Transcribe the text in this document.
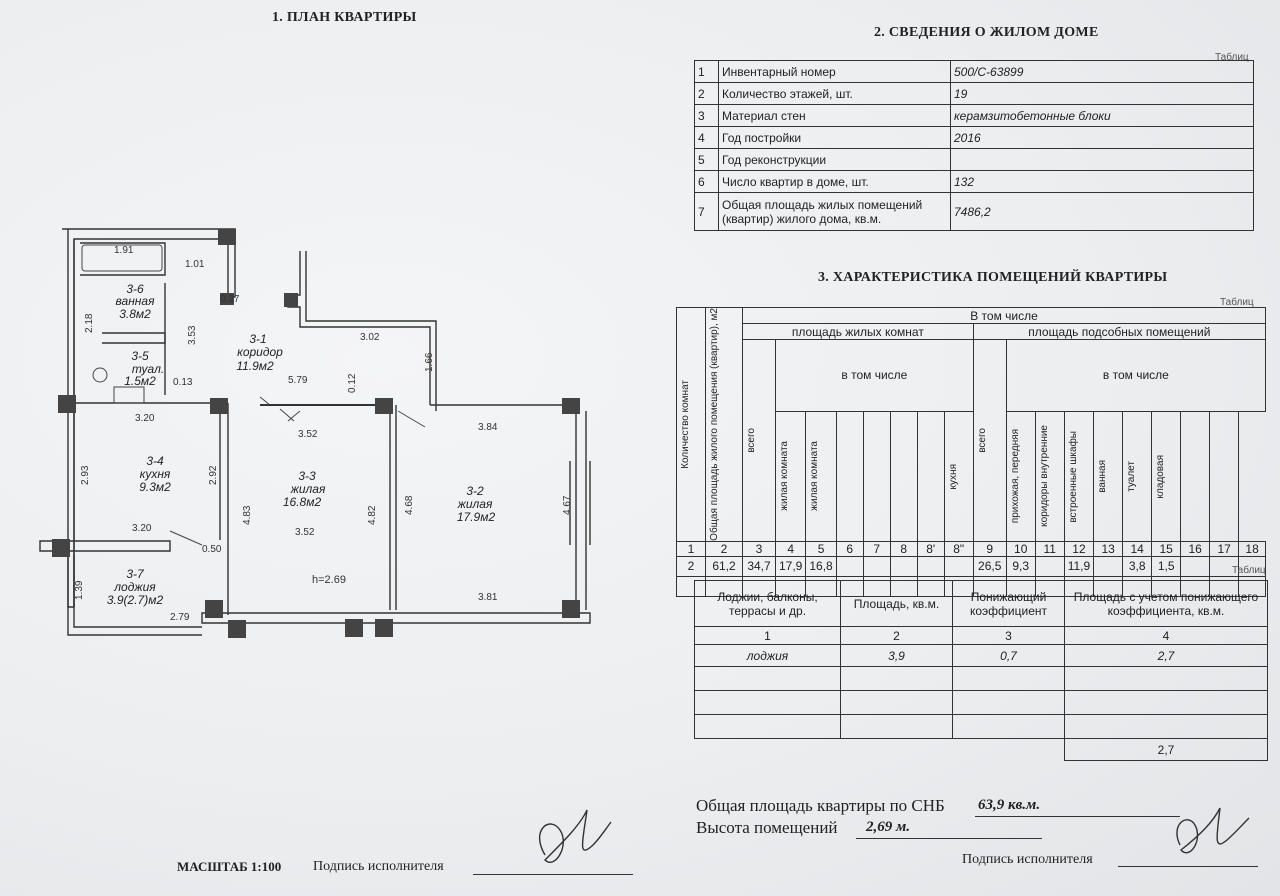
1. ПЛАН КВАРТИРЫ
3-6
ванная
3.8м2
3-5
туал.
1.5м2
3-1
коридор
11.9м2
3-4
кухня
9.3м2
3-3
жилая
16.8м2
3-2
жилая
17.9м2
3-7
лоджия
3.9(2.7)м2
1.91
1.01
0.27
2.18
3.53
0.13
3.02
1.66
5.79	0.12
3.20
3.52
3.84
2.93	2.92
4.83	4.82
4.68	4.67
3.52
3.20
0.50
1.39
2.79
3.81
h=2.69
МАСШТАБ 1:100 Подпись исполнителя
2. СВЕДЕНИЯ О ЖИЛОМ ДОМЕ
Таблиц
1	Инвентарный номер	500/С-63899
2	Количество этажей, шт.	19
3	Материал стен	керамзитобетонные блоки
4	Год постройки	2016
5	Год реконструкции	
6	Число квартир в доме, шт.	132
7	Общая площадь жилых помещений (квартир) жилого дома, кв.м.	7486,2
3. ХАРАКТЕРИСТИКА ПОМЕЩЕНИЙ КВАРТИРЫ
Таблиц
Количество комнат	Общая площадь жилого помещения (квартир), м2	В том числе																	
		площадь жилых комнат								площадь подсобных помещений									

		всего	в том числе							всего	в том числе								

			жилая комната	жилая комната					кухня		прихожая, передняя	коридоры внутренние	встроенные шкафы	ванная	туалет	кладовая			

1	2	3	4	5	6	7	8	8'	8"	9	10	11	12	13	14	15	16	17	18
2	61,2	34,7	17,9	16,8						26,5	9,3		11,9		3,8	1,5			
																				Таблиц
Лоджии, балконы, террасы и др.	Площадь, кв.м.	Понижающий коэффициент	Площадь с учетом понижающего коэффициента, кв.м.
1	2	3	4
лоджия	3,9	0,7	2,7

			2,7
Общая площадь квартиры по СНБ 63,9 кв.м.
Высота помещений 2,69 м.
Подпись исполнителя
